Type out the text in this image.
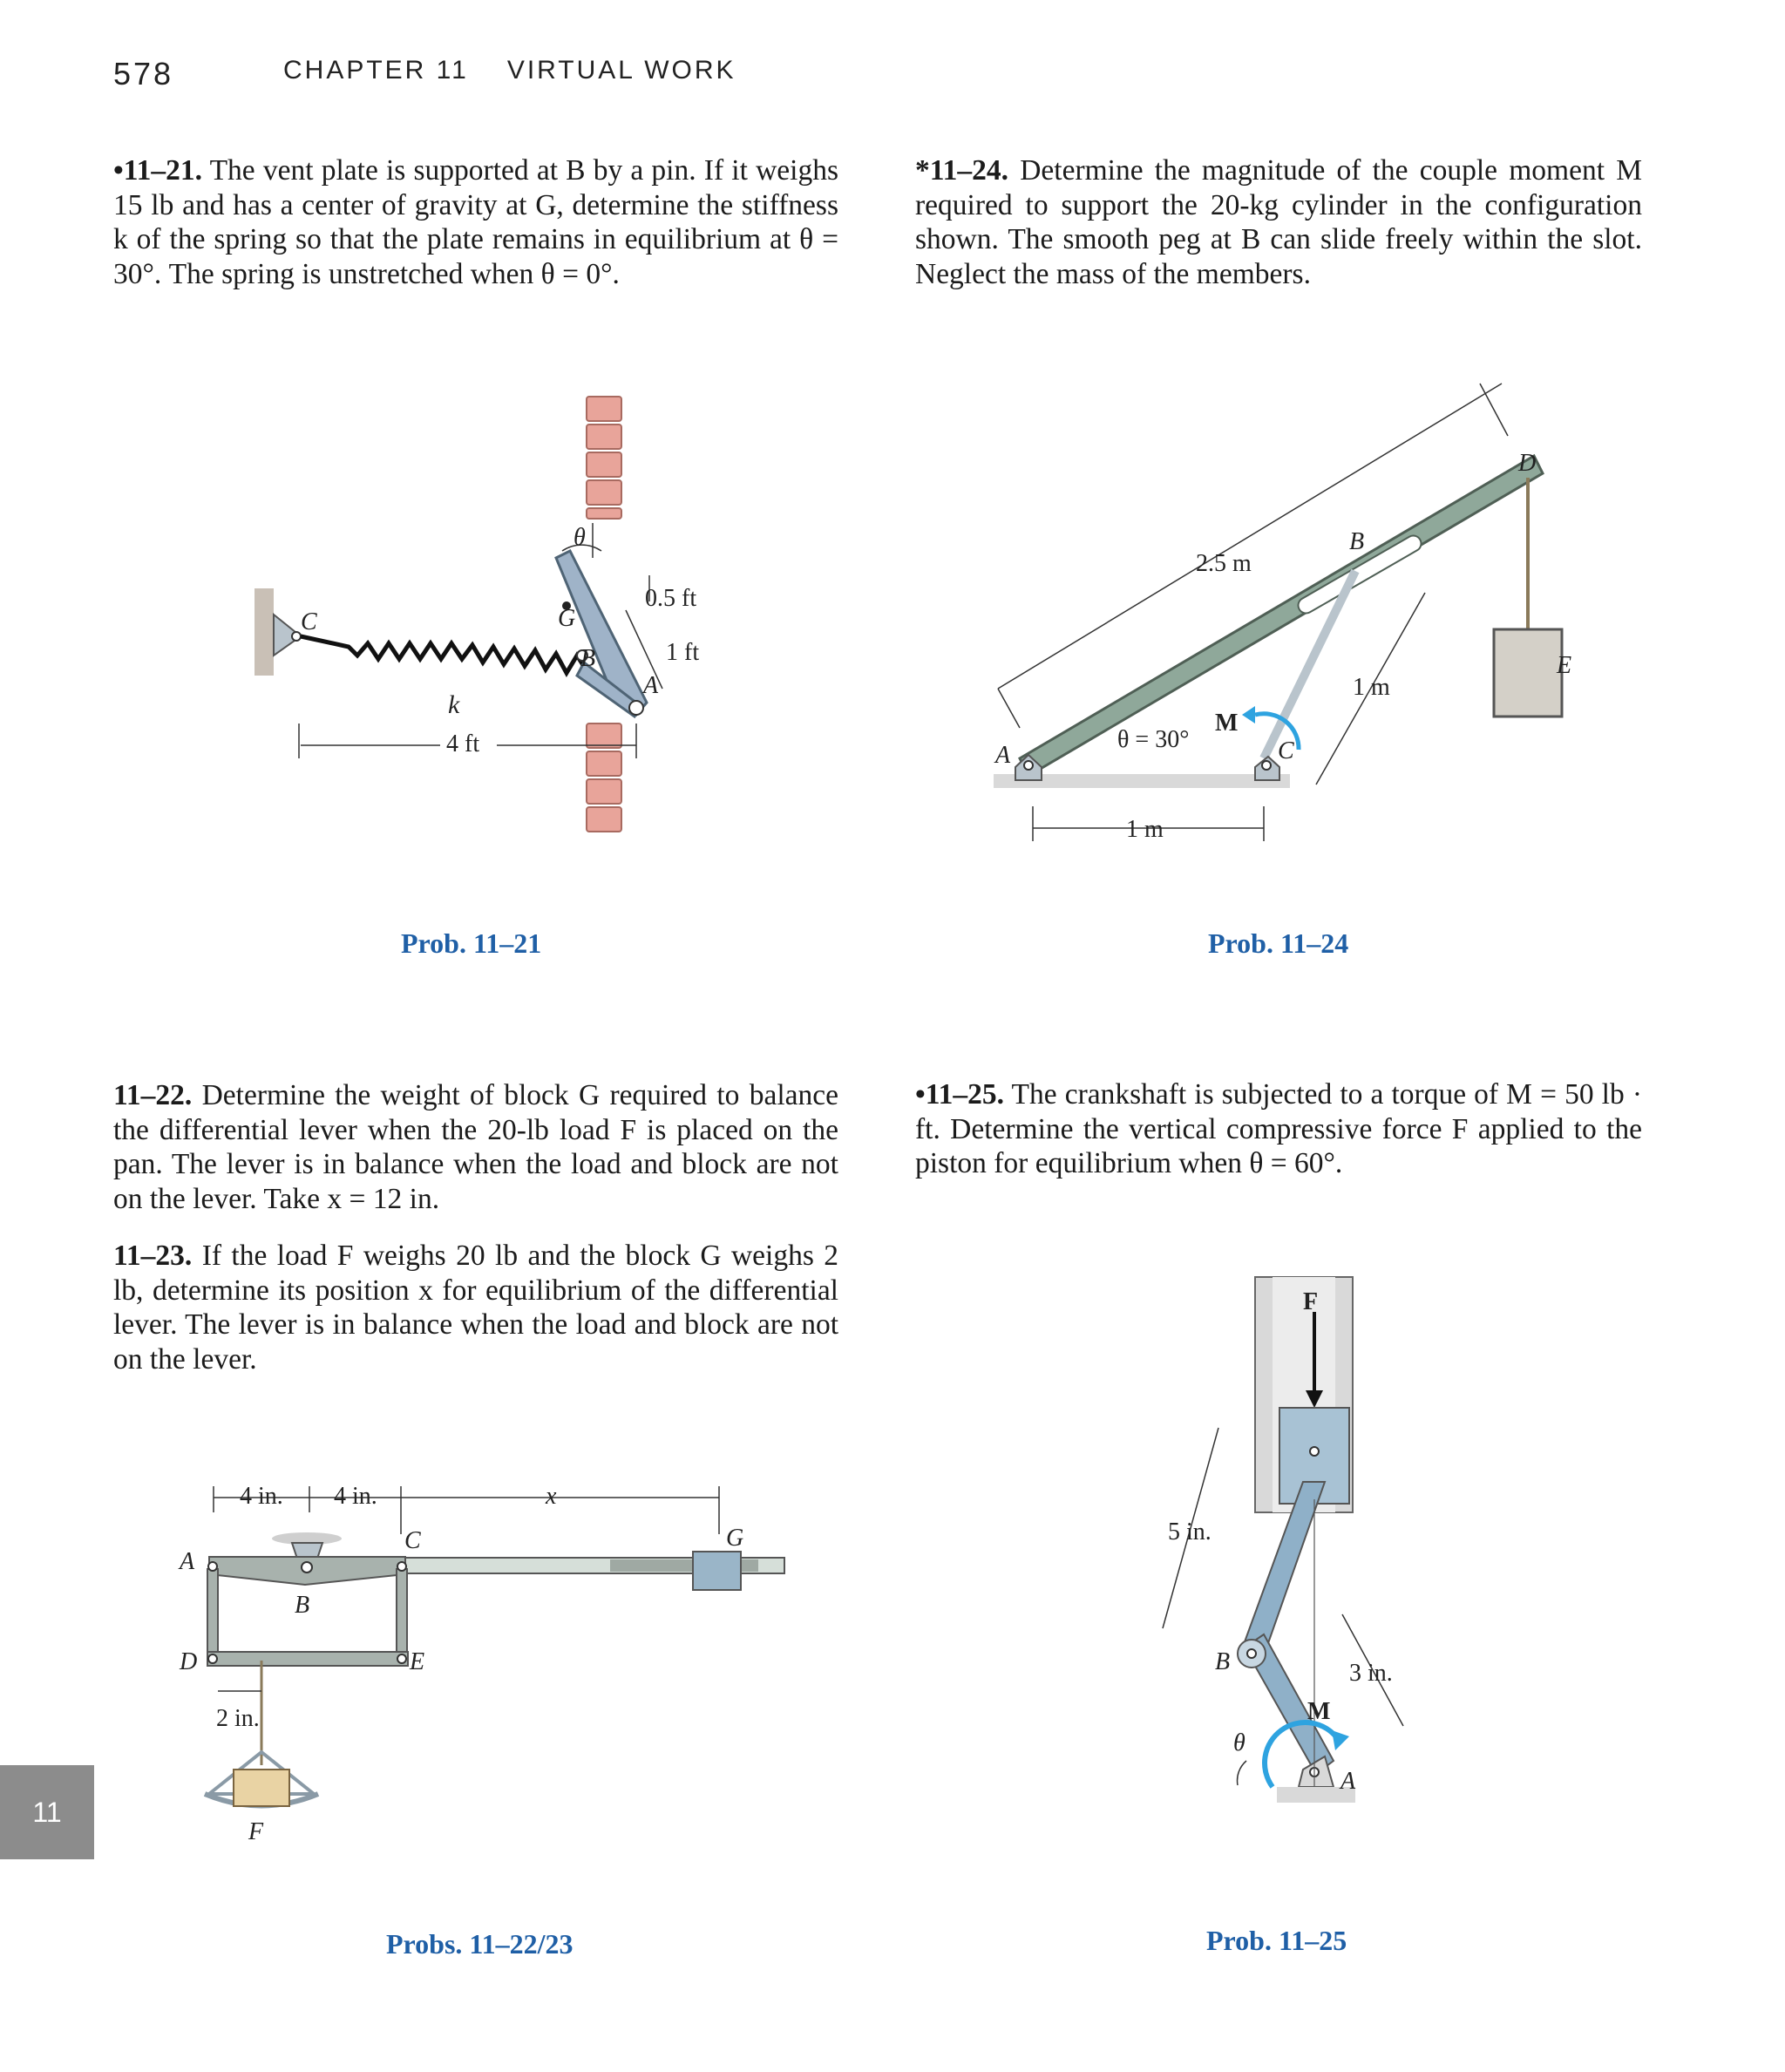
578	CHAPTER 11 VIRTUAL WORK
•11–21. The vent plate is supported at B by a pin. If it weighs 15 lb and has a center of gravity at G, determine the stiffness k of the spring so that the plate remains in equilibrium at θ = 30°. The spring is unstretched when θ = 0°.
*11–24. Determine the magnitude of the couple moment M required to support the 20-kg cylinder in the configuration shown. The smooth peg at B can slide freely within the slot. Neglect the mass of the members.
11–22. Determine the weight of block G required to balance the differential lever when the 20-lb load F is placed on the pan. The lever is in balance when the load and block are not on the lever. Take x = 12 in.
11–23. If the load F weighs 20 lb and the block G weighs 2 lb, determine its position x for equilibrium of the differential lever. The lever is in balance when the load and block are not on the lever.
•11–25. The crankshaft is subjected to a torque of M = 50 lb · ft. Determine the vertical compressive force F applied to the piston for equilibrium when θ = 60°.
C	G
B
A
k
θ
0.5 ft
1 ft
4 ft
Prob. 11–21
D
B
E
A	C
M
2.5 m
1 m
1 m
θ = 30°
Prob. 11–24
4 in. 4 in.	x
A
B
C
D	E
G
F
2 in.
Probs. 11–22/23
F
B
A
M
θ
5 in.
3 in.
Prob. 11–25
11
